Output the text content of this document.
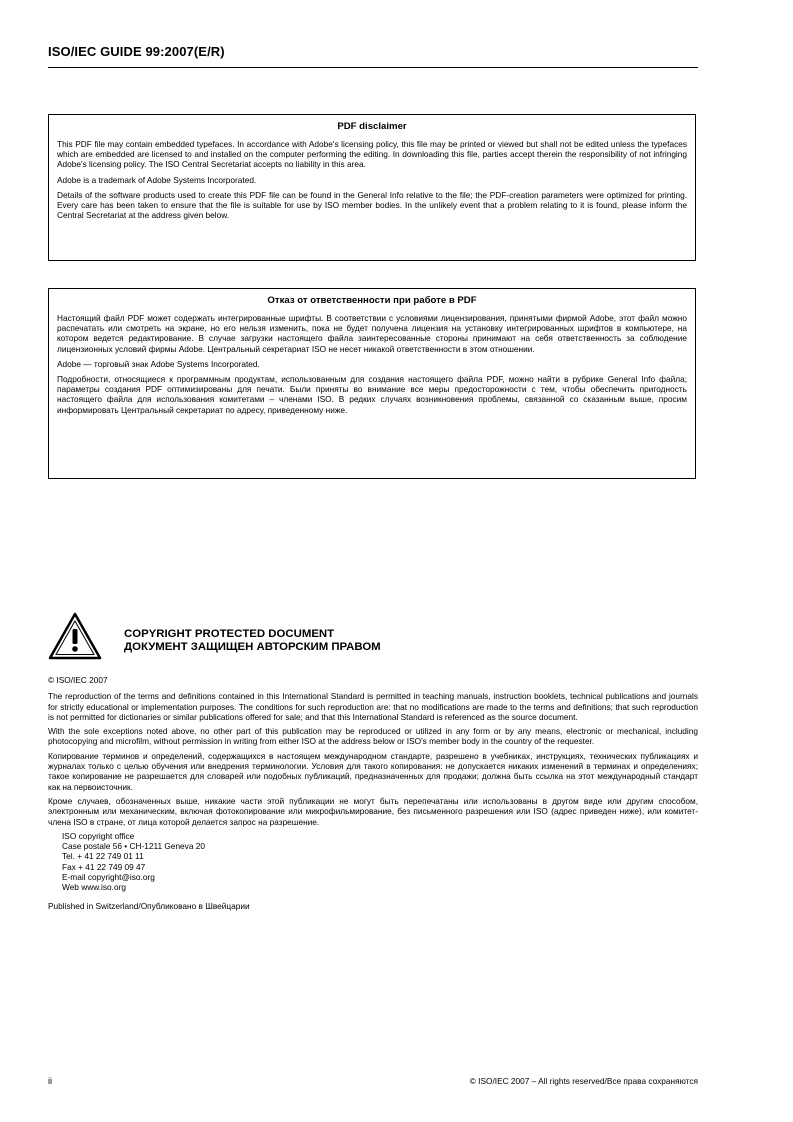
ISO/IEC GUIDE 99:2007(E/R)
PDF disclaimer

This PDF file may contain embedded typefaces. In accordance with Adobe's licensing policy, this file may be printed or viewed but shall not be edited unless the typefaces which are embedded are licensed to and installed on the computer performing the editing. In downloading this file, parties accept therein the responsibility of not infringing Adobe's licensing policy. The ISO Central Secretariat accepts no liability in this area.

Adobe is a trademark of Adobe Systems Incorporated.

Details of the software products used to create this PDF file can be found in the General Info relative to the file; the PDF-creation parameters were optimized for printing. Every care has been taken to ensure that the file is suitable for use by ISO member bodies. In the unlikely event that a problem relating to it is found, please inform the Central Secretariat at the address given below.

Отказ от ответственности при работе в PDF

Настоящий файл PDF может содержать интегрированные шрифты. В соответствии с условиями лицензирования, принятыми фирмой Adobe, этот файл можно распечатать или смотреть на экране, но его нельзя изменить, пока не будет получена лицензия на установку интегрированных шрифтов в компьютере, на котором ведется редактирование. В случае загрузки настоящего файла заинтересованные стороны принимают на себя ответственность за соблюдение лицензионных условий фирмы Adobe. Центральный секретариат ISO не несет никакой ответственности в этом отношении.

Adobe — торговый знак Adobe Systems Incorporated.

Подробности, относящиеся к программным продуктам, использованным для создания настоящего файла PDF, можно найти в рубрике General Info файла; параметры создания PDF оптимизированы для печати. Были приняты во внимание все меры предосторожности с тем, чтобы обеспечить пригодность настоящего файла для использования комитетами – членами ISO. В редких случаях возникновения проблемы, связанной со сказанным выше, просим информировать Центральный секретариат по адресу, приведенному ниже.

COPYRIGHT PROTECTED DOCUMENT
ДОКУМЕНТ ЗАЩИЩЕН АВТОРСКИМ ПРАВОМ

© ISO/IEC 2007

The reproduction of the terms and definitions contained in this International Standard is permitted in teaching manuals, instruction booklets, technical publications and journals for strictly educational or implementation purposes. The conditions for such reproduction are: that no modifications are made to the terms and definitions; that such reproduction is not permitted for dictionaries or similar publications offered for sale; and that this International Standard is referenced as the source document.

With the sole exceptions noted above, no other part of this publication may be reproduced or utilized in any form or by any means, electronic or mechanical, including photocopying and microfilm, without permission in writing from either ISO at the address below or ISO's member body in the country of the requester.

Копирование терминов и определений, содержащихся в настоящем международном стандарте, разрешено в учебниках, инструкциях, технических публикациях и журналах только с целью обучения или внедрения терминологии. Условия для такого копирования: не допускается никаких изменений в терминах и определениях; такое копирование не разрешается для словарей или подобных публикаций, предназначенных для продажи; должна быть ссылка на этот международный стандарт как на первоисточник.

Кроме случаев, обозначенных выше, никакие части этой публикации не могут быть перепечатаны или использованы в другом виде или другим способом, электронным или механическим, включая фотокопирование или микрофильмирование, без письменного разрешения или ISO (адрес приведен ниже), или комитет-члена ISO в стране, от лица которой делается запрос на разрешение.

ISO copyright office
Case postale 56 • CH-1211 Geneva 20
Tel. + 41 22 749 01 11
Fax + 41 22 749 09 47
E-mail copyright@iso.org
Web www.iso.org

Published in Switzerland/Опубликовано в Швейцарии

ii	© ISO/IEC 2007 – All rights reserved/Все права сохраняются
